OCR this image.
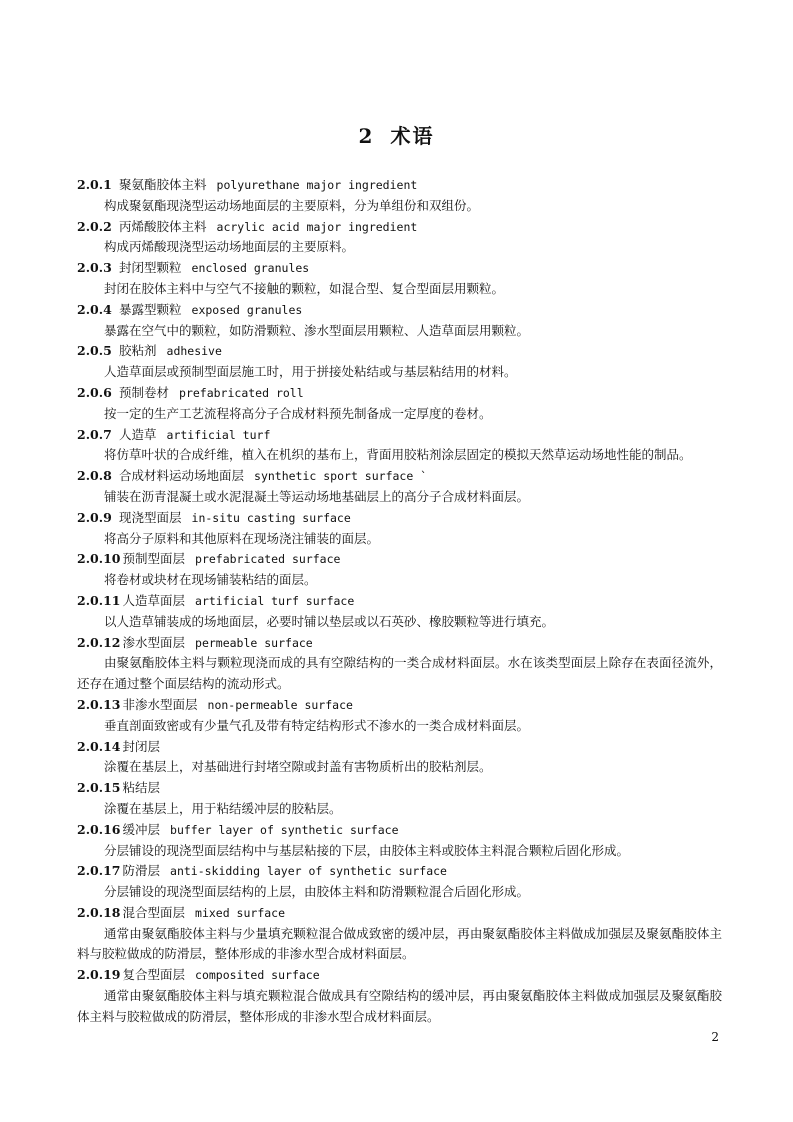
2 术语
2.0.1 聚氨酯胶体主料 polyurethane major ingredient
构成聚氨酯现浇型运动场地面层的主要原料，分为单组份和双组份。
2.0.2 丙烯酸胶体主料 acrylic acid major ingredient
构成丙烯酸现浇型运动场地面层的主要原料。
2.0.3 封闭型颗粒 enclosed granules
封闭在胶体主料中与空气不接触的颗粒，如混合型、复合型面层用颗粒。
2.0.4 暴露型颗粒 exposed granules
暴露在空气中的颗粒，如防滑颗粒、渗水型面层用颗粒、人造草面层用颗粒。
2.0.5 胶粘剂 adhesive
人造草面层或预制型面层施工时，用于拼接处粘结或与基层粘结用的材料。
2.0.6 预制卷材 prefabricated roll
按一定的生产工艺流程将高分子合成材料预先制备成一定厚度的卷材。
2.0.7 人造草 artificial turf
将仿草叶状的合成纤维，植入在机织的基布上，背面用胶粘剂涂层固定的模拟天然草运动场地性能的制品。
2.0.8 合成材料运动场地面层 synthetic sport surface `
铺装在沥青混凝土或水泥混凝土等运动场地基础层上的高分子合成材料面层。
2.0.9 现浇型面层 in-situ casting surface
将高分子原料和其他原料在现场浇注铺装的面层。
2.0.10 预制型面层 prefabricated surface
将卷材或块材在现场铺装粘结的面层。
2.0.11 人造草面层 artificial turf surface
以人造草铺装成的场地面层，必要时铺以垫层或以石英砂、橡胶颗粒等进行填充。
2.0.12 渗水型面层 permeable surface
由聚氨酯胶体主料与颗粒现浇而成的具有空隙结构的一类合成材料面层。水在该类型面层上除存在表面径流外，还存在通过整个面层结构的流动形式。
2.0.13 非渗水型面层 non-permeable surface
垂直剖面致密或有少量气孔及带有特定结构形式不渗水的一类合成材料面层。
2.0.14 封闭层
涂覆在基层上，对基础进行封堵空隙或封盖有害物质析出的胶粘剂层。
2.0.15 粘结层
涂覆在基层上，用于粘结缓冲层的胶粘层。
2.0.16 缓冲层 buffer layer of synthetic surface
分层铺设的现浇型面层结构中与基层粘接的下层，由胶体主料或胶体主料混合颗粒后固化形成。
2.0.17 防滑层 anti-skidding layer of synthetic surface
分层铺设的现浇型面层结构的上层，由胶体主料和防滑颗粒混合后固化形成。
2.0.18 混合型面层 mixed surface
通常由聚氨酯胶体主料与少量填充颗粒混合做成致密的缓冲层，再由聚氨酯胶体主料做成加强层及聚氨酯胶体主料与胶粒做成的防滑层，整体形成的非渗水型合成材料面层。
2.0.19 复合型面层 composited surface
通常由聚氨酯胶体主料与填充颗粒混合做成具有空隙结构的缓冲层，再由聚氨酯胶体主料做成加强层及聚氨酯胶体主料与胶粒做成的防滑层，整体形成的非渗水型合成材料面层。
2
